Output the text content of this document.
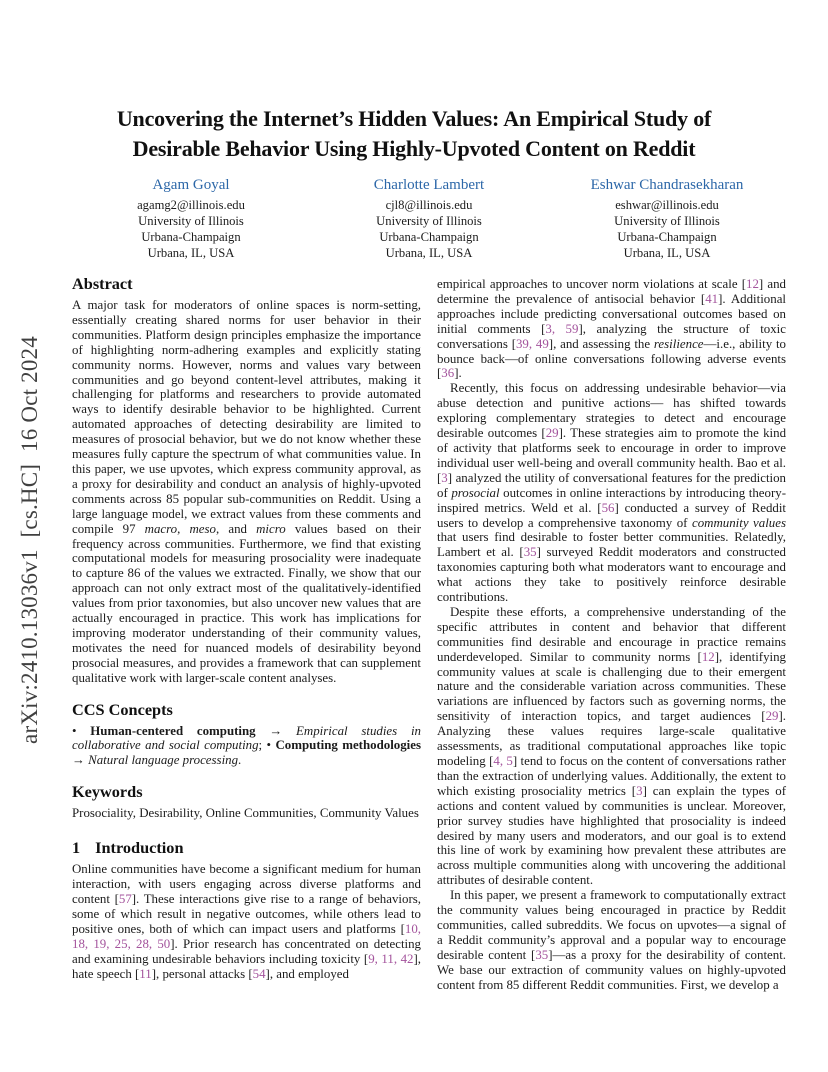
arXiv:2410.13036v1  [cs.HC]  16 Oct 2024
Uncovering the Internet’s Hidden Values: An Empirical Study of
Desirable Behavior Using Highly-Upvoted Content on Reddit
Agam Goyal
agamg2@illinois.edu
University of Illinois
Urbana-Champaign
Urbana, IL, USA
Charlotte Lambert
cjl8@illinois.edu
University of Illinois
Urbana-Champaign
Urbana, IL, USA
Eshwar Chandrasekharan
eshwar@illinois.edu
University of Illinois
Urbana-Champaign
Urbana, IL, USA
Abstract

A major task for moderators of online spaces is norm-setting, essentially creating shared norms for user behavior in their communities. Platform design principles emphasize the importance of highlighting norm-adhering examples and explicitly stating community norms. However, norms and values vary between communities and go beyond content-level attributes, making it challenging for platforms and researchers to provide automated ways to identify desirable behavior to be highlighted. Current automated approaches of detecting desirability are limited to measures of prosocial behavior, but we do not know whether these measures fully capture the spectrum of what communities value. In this paper, we use upvotes, which express community approval, as a proxy for desirability and conduct an analysis of highly-upvoted comments across 85 popular sub-communities on Reddit. Using a large language model, we extract values from these comments and compile 97 macro, meso, and micro values based on their frequency across communities. Furthermore, we find that existing computational models for measuring prosociality were inadequate to capture 86 of the values we extracted. Finally, we show that our approach can not only extract most of the qualitatively-identified values from prior taxonomies, but also uncover new values that are actually encouraged in practice. This work has implications for improving moderator understanding of their community values, motivates the need for nuanced models of desirability beyond prosocial measures, and provides a framework that can supplement qualitative work with larger-scale content analyses.

CCS Concepts

• Human-centered computing → Empirical studies in collaborative and social computing; • Computing methodologies → Natural language processing.

Keywords

Prosociality, Desirability, Online Communities, Community Values

1 Introduction

Online communities have become a significant medium for human interaction, with users engaging across diverse platforms and content [57]. These interactions give rise to a range of behaviors, some of which result in negative outcomes, while others lead to positive ones, both of which can impact users and platforms [10, 18, 19, 25, 28, 50]. Prior research has concentrated on detecting and examining undesirable behaviors including toxicity [9, 11, 42], hate speech [11], personal attacks [54], and employed

empirical approaches to uncover norm violations at scale [12] and determine the prevalence of antisocial behavior [41]. Additional approaches include predicting conversational outcomes based on initial comments [3, 59], analyzing the structure of toxic conversations [39, 49], and assessing the resilience—i.e., ability to bounce back—of online conversations following adverse events [36].

Recently, this focus on addressing undesirable behavior—via abuse detection and punitive actions— has shifted towards exploring complementary strategies to detect and encourage desirable outcomes [29]. These strategies aim to promote the kind of activity that platforms seek to encourage in order to improve individual user well-being and overall community health. Bao et al. [3] analyzed the utility of conversational features for the prediction of prosocial outcomes in online interactions by introducing theory-inspired metrics. Weld et al. [56] conducted a survey of Reddit users to develop a comprehensive taxonomy of community values that users find desirable to foster better communities. Relatedly, Lambert et al. [35] surveyed Reddit moderators and constructed taxonomies capturing both what moderators want to encourage and what actions they take to positively reinforce desirable contributions.

Despite these efforts, a comprehensive understanding of the specific attributes in content and behavior that different communities find desirable and encourage in practice remains underdeveloped. Similar to community norms [12], identifying community values at scale is challenging due to their emergent nature and the considerable variation across communities. These variations are influenced by factors such as governing norms, the sensitivity of interaction topics, and target audiences [29]. Analyzing these values requires large-scale qualitative assessments, as traditional computational approaches like topic modeling [4, 5] tend to focus on the content of conversations rather than the extraction of underlying values. Additionally, the extent to which existing prosociality metrics [3] can explain the types of actions and content valued by communities is unclear. Moreover, prior survey studies have highlighted that prosociality is indeed desired by many users and moderators, and our goal is to extend this line of work by examining how prevalent these attributes are across multiple communities along with uncovering the additional attributes of desirable content.

In this paper, we present a framework to computationally extract the community values being encouraged in practice by Reddit communities, called subreddits. We focus on upvotes—a signal of a Reddit community’s approval and a popular way to encourage desirable content [35]—as a proxy for the desirability of content. We base our extraction of community values on highly-upvoted content from 85 different Reddit communities. First, we develop a
